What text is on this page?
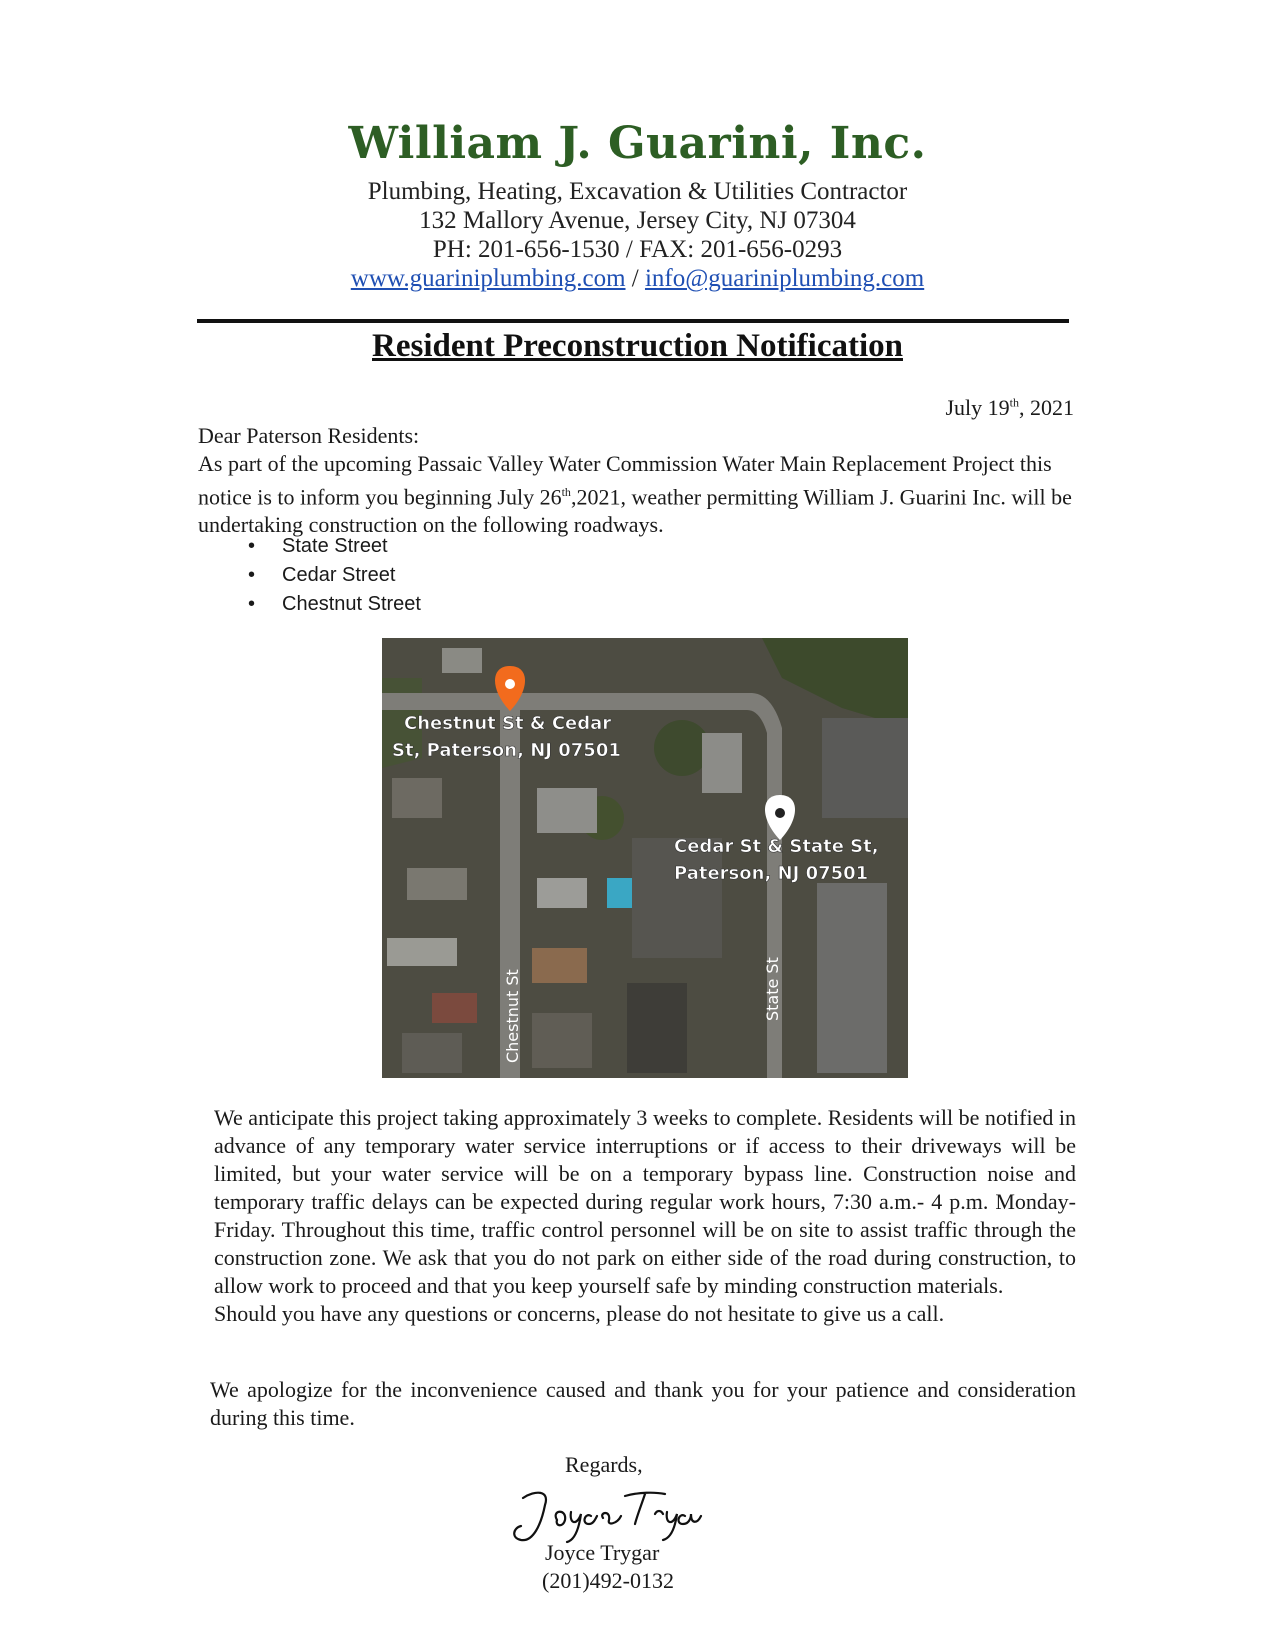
William J. Guarini, Inc.
Plumbing, Heating, Excavation & Utilities Contractor
132 Mallory Avenue, Jersey City, NJ 07304
PH: 201-656-1530 / FAX: 201-656-0293
www.guariniplumbing.com / info@guariniplumbing.com
Resident Preconstruction Notification
July 19th, 2021
Dear Paterson Residents:
As part of the upcoming Passaic Valley Water Commission Water Main Replacement Project this notice is to inform you beginning July 26th,2021, weather permitting William J. Guarini Inc. will be undertaking construction on the following roadways.
• State Street
• Cedar Street
• Chestnut Street
Chestnut St & Cedar
St, Paterson, NJ 07501
Cedar St & State St,
Paterson, NJ 07501
Chestnut St	State St
We anticipate this project taking approximately 3 weeks to complete. Residents will be notified in advance of any temporary water service interruptions or if access to their driveways will be limited, but your water service will be on a temporary bypass line. Construction noise and temporary traffic delays can be expected during regular work hours, 7:30 a.m.- 4 p.m. Monday-Friday. Throughout this time, traffic control personnel will be on site to assist traffic through the construction zone. We ask that you do not park on either side of the road during construction, to allow work to proceed and that you keep yourself safe by minding construction materials.
Should you have any questions or concerns, please do not hesitate to give us a call.
We apologize for the inconvenience caused and thank you for your patience and consideration during this time.
Regards,
Joyce Trygar
(201)492-0132
